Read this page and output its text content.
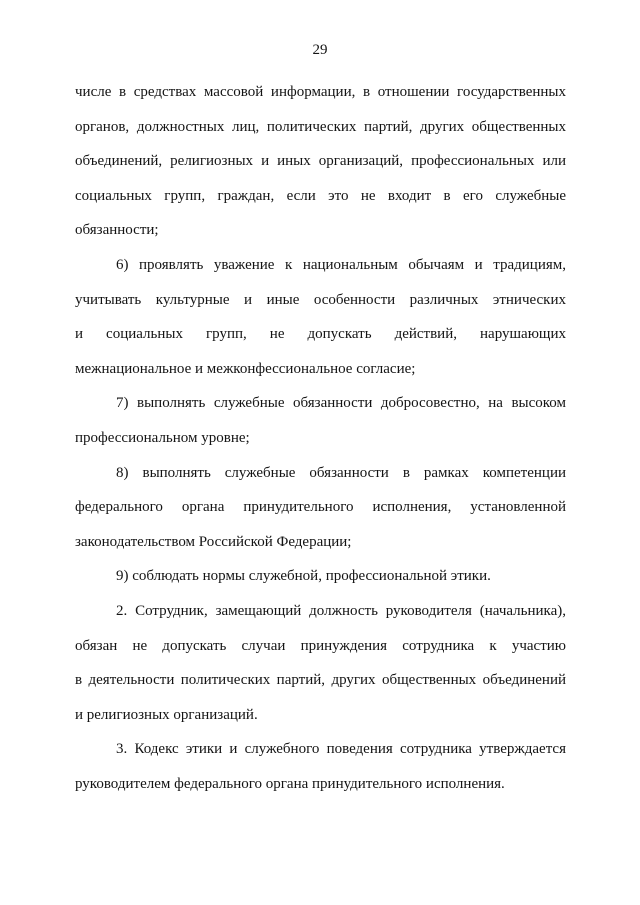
29

числе в средствах массовой информации, в отношении государственныхорганов, должностных лиц, политических партий, других общественныхобъединений, религиозных и иных организаций, профессиональных илисоциальных групп, граждан, если это не входит в его служебныеобязанности;

6) проявлять уважение к национальным обычаям и традициям,учитывать культурные и иные особенности различных этническихи социальных групп, не допускать действий, нарушающихмежнациональное и межконфессиональное согласие;

7) выполнять служебные обязанности добросовестно, на высокомпрофессиональном уровне;

8) выполнять служебные обязанности в рамках компетенциифедерального органа принудительного исполнения, установленнойзаконодательством Российской Федерации;

9) соблюдать нормы служебной, профессиональной этики.

2. Сотрудник, замещающий должность руководителя (начальника),обязан не допускать случаи принуждения сотрудника к участиюв деятельности политических партий, других общественных объединенийи религиозных организаций.

3. Кодекс этики и служебного поведения сотрудника утверждаетсяруководителем федерального органа принудительного исполнения.
